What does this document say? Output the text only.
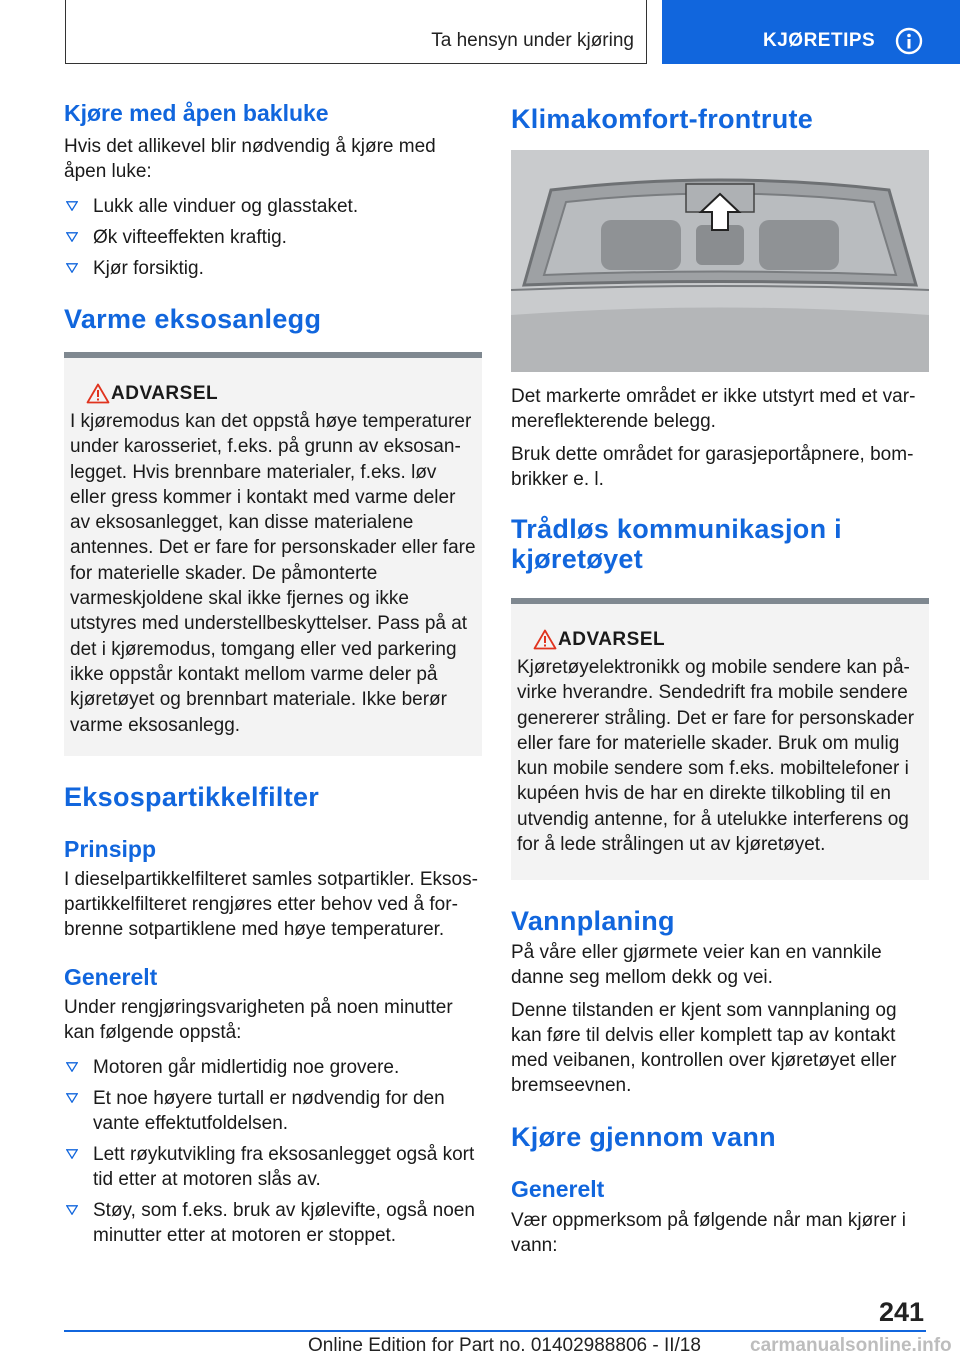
Ta hensyn under kjøring	KJØRETIPS
Kjøre med åpen bakluke

Hvis det allikevel blir nødvendig å kjøre med åpen luke:

Lukk alle vinduer og glasstaket.
Øk vifteeffekten kraftig.
Kjør forsiktig.
Varme eksosanlegg
ADVARSEL
I kjøremodus kan det oppstå høye temperaturer under karosseriet, f.eks. på grunn av eksosanlegget. Hvis brennbare materialer, f.eks. løv eller gress kommer i kontakt med varme deler av eksosanlegget, kan disse materialene antennes. Det er fare for personskader eller fare for materielle skader. De påmonterte varmeskjoldene skal ikke fjernes og ikke utstyres med understellbeskyttelser. Pass på at det i kjøremodus, tomgang eller ved parkering ikke oppstår kontakt mellom varme deler på kjøretøyet og brennbart materiale. Ikke berør varme eksosanlegg.
Eksospartikkelfilter
Prinsipp

I dieselpartikkelfilteret samles sotpartikler. Eksospartikkelfilteret rengjøres etter behov ved å forbrenne sotpartiklene med høye temperaturer.

Generelt

Under rengjøringsvarigheten på noen minutter kan følgende oppstå:

Motoren går midlertidig noe grovere.
Et noe høyere turtall er nødvendig for den vante effektutfoldelsen.
Lett røykutvikling fra eksosanlegget også kort tid etter at motoren slås av.
Støy, som f.eks. bruk av kjølevifte, også noen minutter etter at motoren er stoppet.
Klimakomfort-frontrute

Det markerte området er ikke utstyrt med et varmereflekterende belegg.

Bruk dette området for garasjeportåpnere, bombrikker e. l.

Trådløs kommunikasjon i kjøretøyet
ADVARSEL
Kjøretøyelektronikk og mobile sendere kan påvirke hverandre. Sendedrift fra mobile sendere genererer stråling. Det er fare for personskader eller fare for materielle skader. Bruk om mulig kun mobile sendere som f.eks. mobiltelefoner i kupéen hvis de har en direkte tilkobling til en utvendig antenne, for å utelukke interferens og for å lede strålingen ut av kjøretøyet.
Vannplaning

På våre eller gjørmete veier kan en vannkile danne seg mellom dekk og vei.

Denne tilstanden er kjent som vannplaning og kan føre til delvis eller komplett tap av kontakt med veibanen, kontrollen over kjøretøyet eller bremseevnen.

Kjøre gjennom vann
Generelt

Vær oppmerksom på følgende når man kjører i vann:

241
Online Edition for Part no. 01402988806 - II/18	carmanualsonline.info
